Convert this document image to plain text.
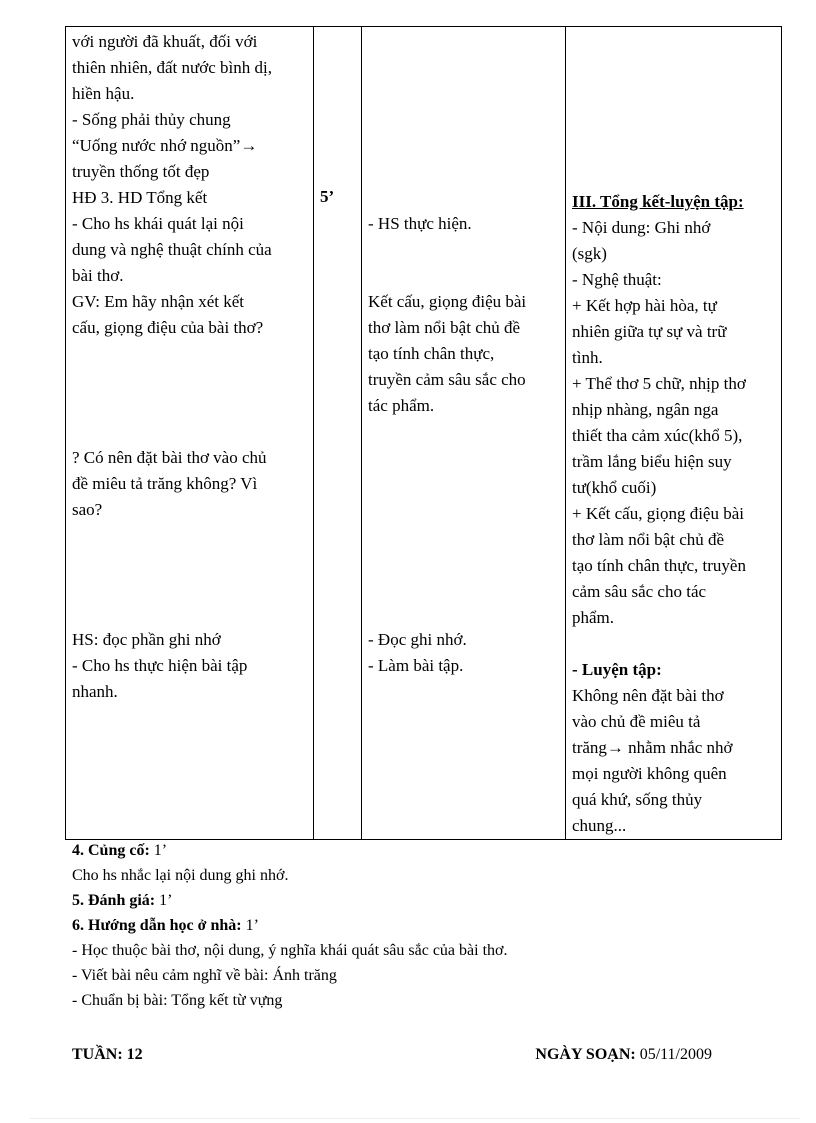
với người đã khuất, đối với
thiên nhiên, đất nước bình dị,
hiền hậu.
- Sống phải thủy chung
“Uống nước nhớ nguồn”→
truyền thống tốt đẹp
HĐ 3. HD Tổng kết
- Cho hs khái quát lại nội
dung và nghệ thuật chính của
bài thơ.
GV: Em hãy nhận xét kết
cấu, giọng điệu của bài thơ?
? Có nên đặt bài thơ vào chủ
đề miêu tả trăng không? Vì
sao?
HS: đọc phần ghi nhớ
- Cho hs thực hiện bài tập
nhanh.

5’

- HS thực hiện.
Kết cấu, giọng điệu bài
thơ làm nổi bật chủ đề
tạo tính chân thực,
truyền cảm sâu sắc cho
tác phẩm.
- Đọc ghi nhớ.
- Làm bài tập.

III. Tổng kết-luyện tập:
- Nội dung: Ghi nhớ
(sgk)
- Nghệ thuật:
+ Kết hợp hài hòa, tự
nhiên giữa tự sự và trữ
tình.
+ Thể thơ 5 chữ, nhịp thơ
nhịp nhàng, ngân nga
thiết tha cảm xúc(khổ 5),
trầm lắng biểu hiện suy
tư(khổ cuối)
+ Kết cấu, giọng điệu bài
thơ làm nổi bật chủ đề
tạo tính chân thực, truyền
cảm sâu sắc cho tác
phẩm.
- Luyện tập:
Không nên đặt bài thơ
vào chủ đề miêu tả
trăng→ nhằm nhắc nhở
mọi người không quên
quá khứ, sống thủy
chung...
4. Củng cố: 1’
Cho hs nhắc lại nội dung ghi nhớ.
5. Đánh giá: 1’
6. Hướng dẫn học ở nhà: 1’
- Học thuộc bài thơ, nội dung, ý nghĩa khái quát sâu sắc của bài thơ.
- Viết bài nêu cảm nghĩ về bài: Ánh trăng
- Chuẩn bị bài: Tổng kết từ vựng
TUẦN: 12	NGÀY SOẠN: 05/11/2009
